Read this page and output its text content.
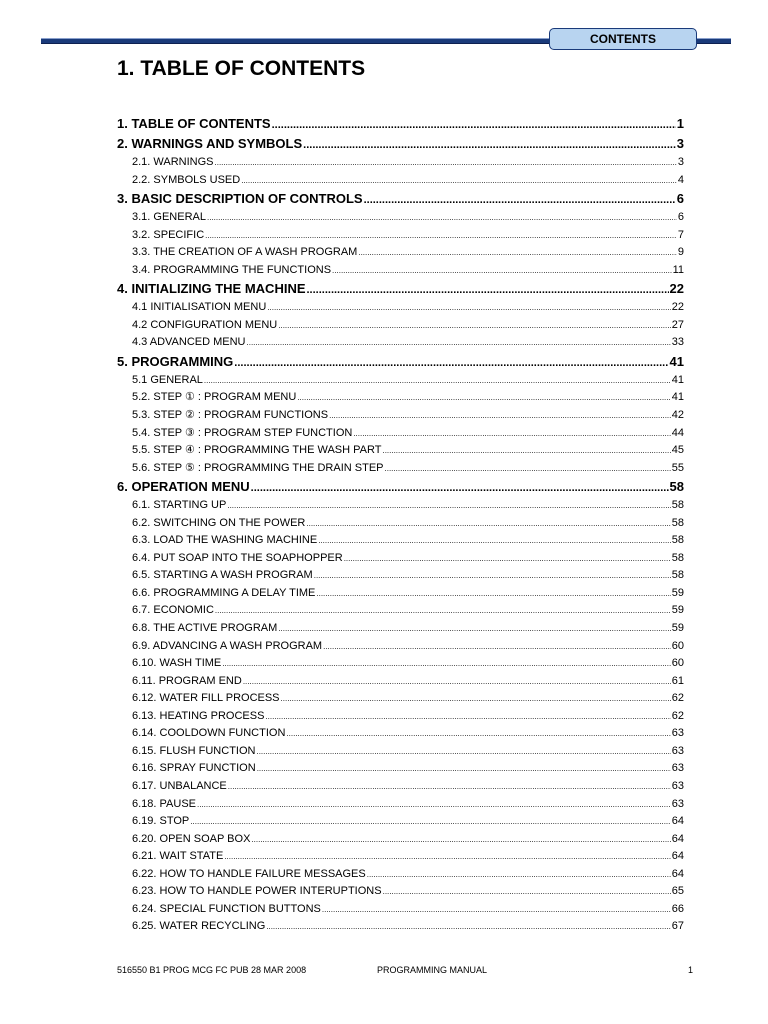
CONTENTS
1. TABLE OF CONTENTS
1. TABLE OF CONTENTS .....	1
2. WARNINGS AND SYMBOLS .....	3
2.1. WARNINGS .....	3
2.2. SYMBOLS USED .....	4
3. BASIC DESCRIPTION OF CONTROLS .....	6
3.1. GENERAL .....	6
3.2. SPECIFIC .....	7
3.3. THE CREATION OF A WASH PROGRAM .....	9
3.4. PROGRAMMING THE FUNCTIONS .....	11
4. INITIALIZING THE MACHINE .....	22
4.1 INITIALISATION MENU .....	22
4.2 CONFIGURATION MENU .....	27
4.3 ADVANCED MENU .....	33
5. PROGRAMMING .....	41
5.1 GENERAL .....	41
5.2. STEP ① : PROGRAM MENU .....	41
5.3. STEP ② : PROGRAM FUNCTIONS .....	42
5.4. STEP ③ : PROGRAM STEP FUNCTION .....	44
5.5. STEP ④ : PROGRAMMING THE WASH PART .....	45
5.6. STEP ⑤ : PROGRAMMING THE DRAIN STEP .....	55
6. OPERATION MENU .....	58
6.1. STARTING UP .....	58
6.2. SWITCHING ON THE POWER .....	58
6.3. LOAD THE WASHING MACHINE .....	58
6.4. PUT SOAP INTO THE SOAPHOPPER .....	58
6.5. STARTING A WASH PROGRAM .....	58
6.6. PROGRAMMING A DELAY TIME .....	59
6.7. ECONOMIC .....	59
6.8. THE ACTIVE PROGRAM .....	59
6.9. ADVANCING A WASH PROGRAM .....	60
6.10. WASH TIME .....	60
6.11. PROGRAM END .....	61
6.12. WATER FILL PROCESS .....	62
6.13. HEATING PROCESS .....	62
6.14. COOLDOWN FUNCTION .....	63
6.15. FLUSH FUNCTION .....	63
6.16. SPRAY FUNCTION .....	63
6.17. UNBALANCE .....	63
6.18. PAUSE .....	63
6.19. STOP .....	64
6.20. OPEN SOAP BOX .....	64
6.21. WAIT STATE .....	64
6.22. HOW TO HANDLE FAILURE MESSAGES .....	64
6.23. HOW TO HANDLE POWER INTERUPTIONS .....	65
6.24. SPECIAL FUNCTION BUTTONS .....	66
6.25. WATER RECYCLING .....	67
516550 B1 PROG MCG FC PUB 28 MAR 2008	PROGRAMMING MANUAL	1
